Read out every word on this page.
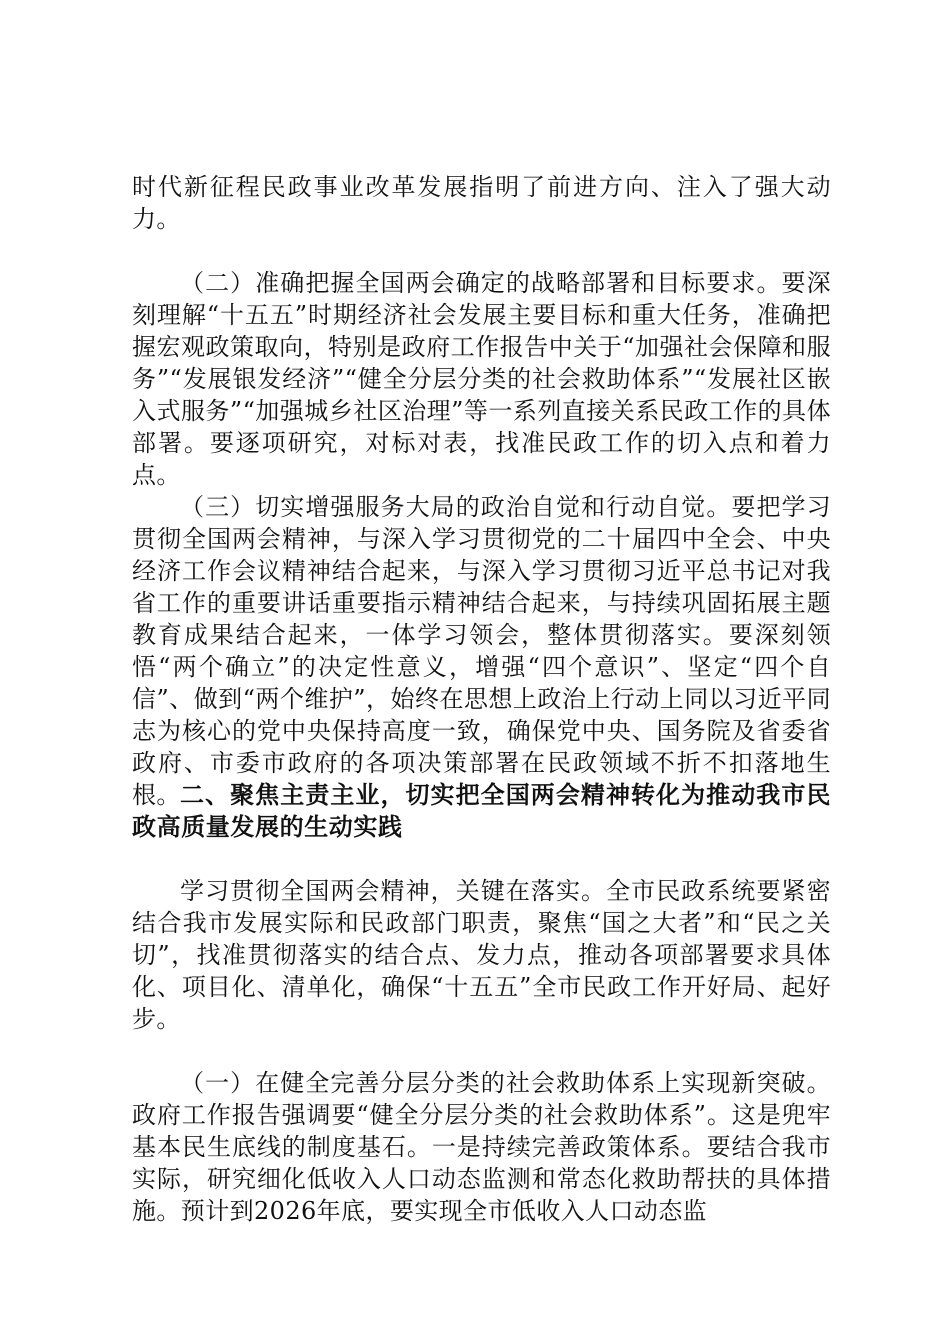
时代新征程民政事业改革发展指明了前进方向、注入了强大动力。

（二）准确把握全国两会确定的战略部署和目标要求。要深刻理解“十五五”时期经济社会发展主要目标和重大任务，准确把握宏观政策取向，特别是政府工作报告中关于“加强社会保障和服务”“发展银发经济”“健全分层分类的社会救助体系”“发展社区嵌入式服务”“加强城乡社区治理”等一系列直接关系民政工作的具体部署。要逐项研究，对标对表，找准民政工作的切入点和着力点。

（三）切实增强服务大局的政治自觉和行动自觉。要把学习贯彻全国两会精神，与深入学习贯彻党的二十届四中全会、中央经济工作会议精神结合起来，与深入学习贯彻习近平总书记对我省工作的重要讲话重要指示精神结合起来，与持续巩固拓展主题教育成果结合起来，一体学习领会，整体贯彻落实。要深刻领悟“两个确立”的决定性意义，增强“四个意识”、坚定“四个自信”、做到“两个维护”，始终在思想上政治上行动上同以习近平同志为核心的党中央保持高度一致，确保党中央、国务院及省委省政府、市委市政府的各项决策部署在民政领域不折不扣落地生根。 二、聚焦主责主业，切实把全国两会精神转化为推动我市民政高质量发展的生动实践

学习贯彻全国两会精神，关键在落实。全市民政系统要紧密结合我市发展实际和民政部门职责，聚焦“国之大者”和“民之关切”，找准贯彻落实的结合点、发力点，推动各项部署要求具体化、项目化、清单化，确保“十五五”全市民政工作开好局、起好步。

（一）在健全完善分层分类的社会救助体系上实现新突破。政府工作报告强调要“健全分层分类的社会救助体系”。这是兜牢基本民生底线的制度基石。一是持续完善政策体系。要结合我市实际，研究细化低收入人口动态监测和常态化救助帮扶的具体措施。预计到2026年底，要实现全市低收入人口动态监
